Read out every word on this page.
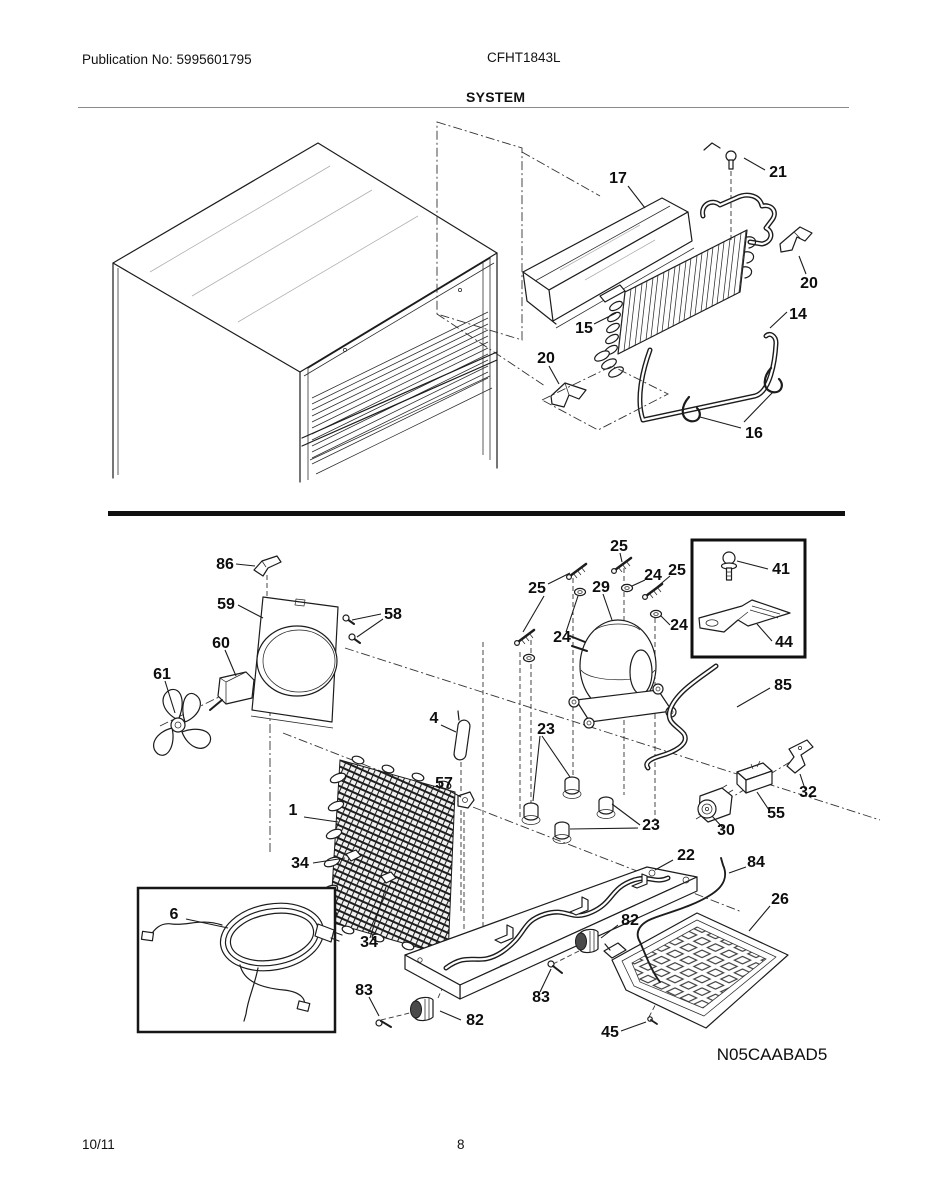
Publication No: 5995601795	CFHT1843L
SYSTEM
17	21
20
15
14
20
16
86
59
58
60
61
25
25
25
29
24
24
24
41
44
85
4
23
23
57
1
30
55
32
34
34
22	84
26
6	82
82
83
83
45
N05CAABAD5
10/11	8
